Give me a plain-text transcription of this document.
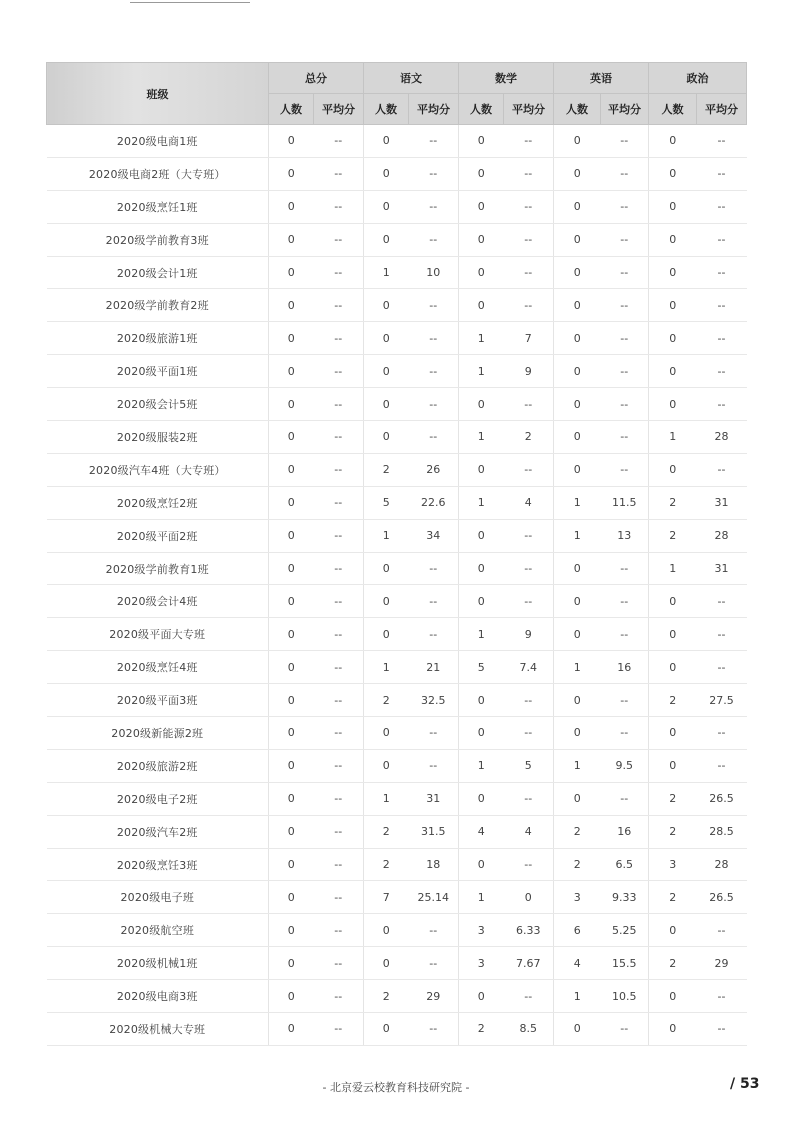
班级	总分		语文		数学		英语		政治	
	人数	平均分	人数	平均分	人数	平均分	人数	平均分	人数	平均分
2020级电商1班	0	--	0	--	0	--	0	--	0	--
2020级电商2班（大专班）	0	--	0	--	0	--	0	--	0	--
2020级烹饪1班	0	--	0	--	0	--	0	--	0	--
2020级学前教育3班	0	--	0	--	0	--	0	--	0	--
2020级会计1班	0	--	1	10	0	--	0	--	0	--
2020级学前教育2班	0	--	0	--	0	--	0	--	0	--
2020级旅游1班	0	--	0	--	1	7	0	--	0	--
2020级平面1班	0	--	0	--	1	9	0	--	0	--
2020级会计5班	0	--	0	--	0	--	0	--	0	--
2020级服装2班	0	--	0	--	1	2	0	--	1	28
2020级汽车4班（大专班）	0	--	2	26	0	--	0	--	0	--
2020级烹饪2班	0	--	5	22.6	1	4	1	11.5	2	31
2020级平面2班	0	--	1	34	0	--	1	13	2	28
2020级学前教育1班	0	--	0	--	0	--	0	--	1	31
2020级会计4班	0	--	0	--	0	--	0	--	0	--
2020级平面大专班	0	--	0	--	1	9	0	--	0	--
2020级烹饪4班	0	--	1	21	5	7.4	1	16	0	--
2020级平面3班	0	--	2	32.5	0	--	0	--	2	27.5
2020级新能源2班	0	--	0	--	0	--	0	--	0	--
2020级旅游2班	0	--	0	--	1	5	1	9.5	0	--
2020级电子2班	0	--	1	31	0	--	0	--	2	26.5
2020级汽车2班	0	--	2	31.5	4	4	2	16	2	28.5
2020级烹饪3班	0	--	2	18	0	--	2	6.5	3	28
2020级电子班	0	--	7	25.14	1	0	3	9.33	2	26.5
2020级航空班	0	--	0	--	3	6.33	6	5.25	0	--
2020级机械1班	0	--	0	--	3	7.67	4	15.5	2	29
2020级电商3班	0	--	2	29	0	--	1	10.5	0	--
2020级机械大专班	0	--	0	--	2	8.5	0	--	0	--
- 北京爱云校教育科技研究院 -	/ 53
